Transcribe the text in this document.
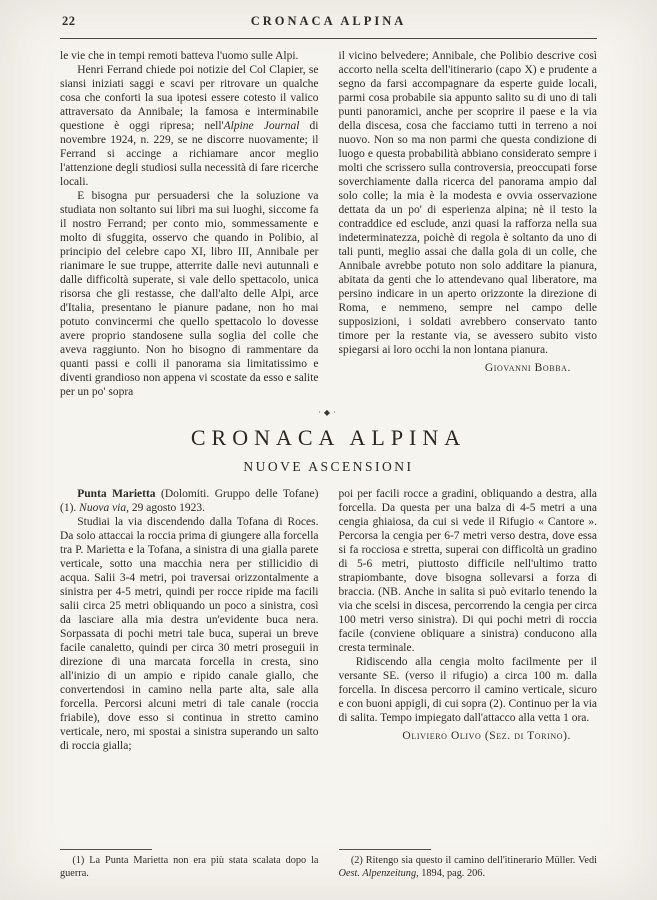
22	CRONACA ALPINA

le vie che in tempi remoti batteva l'uomo sulle Alpi.

Henri Ferrand chiede poi notizie del Col Clapier, se siansi iniziati saggi e scavi per ritrovare un qualche cosa che conforti la sua ipotesi essere cotesto il valico attraversato da Annibale; la famosa e interminabile questione è oggi ripresa; nell'Alpine Journal di novembre 1924, n. 229, se ne discorre nuovamente; il Ferrand si accinge a richiamare ancor meglio l'attenzione degli studiosi sulla necessità di fare ricerche locali.

E bisogna pur persuadersi che la soluzione va studiata non soltanto sui libri ma sui luoghi, siccome fa il nostro Ferrand; per conto mio, sommessamente e molto di sfuggita, osservo che quando in Polibio, al principio del celebre capo XI, libro III, Annibale per rianimare le sue truppe, atterrite dalle nevi autunnali e dalle difficoltà superate, si vale dello spettacolo, unica risorsa che gli restasse, che dall'alto delle Alpi, arce d'Italia, presentano le pianure padane, non ho mai potuto convincermi che quello spettacolo lo dovesse avere proprio standosene sulla soglia del colle che aveva raggiunto. Non ho bisogno di rammentare da quanti passi e colli il panorama sia limitatissimo e diventi grandioso non appena vi scostate da esso e salite per un po' sopra

il vicino belvedere; Annibale, che Polibio descrive così accorto nella scelta dell'itinerario (capo X) e prudente a segno da farsi accompagnare da esperte guide locali, parmi cosa probabile sia appunto salito su di uno di tali punti panoramici, anche per scoprire il paese e la via della discesa, cosa che facciamo tutti in terreno a noi nuovo. Non so ma non parmi che questa condizione di luogo e questa probabilità abbiano considerato sempre i molti che scrissero sulla controversia, preoccupati forse soverchiamente dalla ricerca del panorama ampio dal solo colle; la mia è la modesta e ovvia osservazione dettata da un po' di esperienza alpina; nè il testo la contraddice ed esclude, anzi quasi la rafforza nella sua indeterminatezza, poichè di regola è soltanto da uno di tali punti, meglio assai che dalla gola di un colle, che Annibale avrebbe potuto non solo additare la pianura, abitata da genti che lo attendevano qual liberatore, ma persino indicare in un aperto orizzonte la direzione di Roma, e nemmeno, sempre nel campo delle supposizioni, i soldati avrebbero conservato tanto timore per la restante via, se avessero subito visto spiegarsi ai loro occhi la non lontana pianura.

Giovanni Bobba.

·◆·
CRONACA ALPINA
NUOVE ASCENSIONI

Punta Marietta (Dolomiti. Gruppo delle Tofane) (1). Nuova via, 29 agosto 1923.

Studiai la via discendendo dalla Tofana di Roces. Da solo attaccai la roccia prima di giungere alla forcella tra P. Marietta e la Tofana, a sinistra di una gialla parete verticale, sotto una macchia nera per stillicidio di acqua. Salii 3-4 metri, poi traversai orizzontalmente a sinistra per 4-5 metri, quindi per rocce ripide ma facili salii circa 25 metri obliquando un poco a sinistra, così da lasciare alla mia destra un'evidente buca nera. Sorpassata di pochi metri tale buca, superai un breve facile canaletto, quindi per circa 30 metri proseguii in direzione di una marcata forcella in cresta, sino all'inizio di un ampio e ripido canale giallo, che convertendosi in camino nella parte alta, sale alla forcella. Percorsi alcuni metri di tale canale (roccia friabile), dove esso si continua in stretto camino verticale, nero, mi spostai a sinistra superando un salto di roccia gialla;

(1) La Punta Marietta non era più stata scalata dopo la guerra.

poi per facili rocce a gradini, obliquando a destra, alla forcella. Da questa per una balza di 4-5 metri a una cengia ghiaiosa, da cui si vede il Rifugio « Cantore ». Percorsa la cengia per 6-7 metri verso destra, dove essa si fa rocciosa e stretta, superai con difficoltà un gradino di 5-6 metri, piuttosto difficile nell'ultimo tratto strapiombante, dove bisogna sollevarsi a forza di braccia. (NB. Anche in salita si può evitarlo tenendo la via che scelsi in discesa, percorrendo la cengia per circa 100 metri verso sinistra). Di qui pochi metri di roccia facile (conviene obliquare a sinistra) conducono alla cresta terminale.

Ridiscendo alla cengia molto facilmente per il versante SE. (verso il rifugio) a circa 100 m. dalla forcella. In discesa percorro il camino verticale, sicuro e con buoni appigli, di cui sopra (2). Continuo per la via di salita. Tempo impiegato dall'attacco alla vetta 1 ora.

Oliviero Olivo (Sez. di Torino).

(2) Ritengo sia questo il camino dell'itinerario Müller. Vedi Oest. Alpenzeitung, 1894, pag. 206.
